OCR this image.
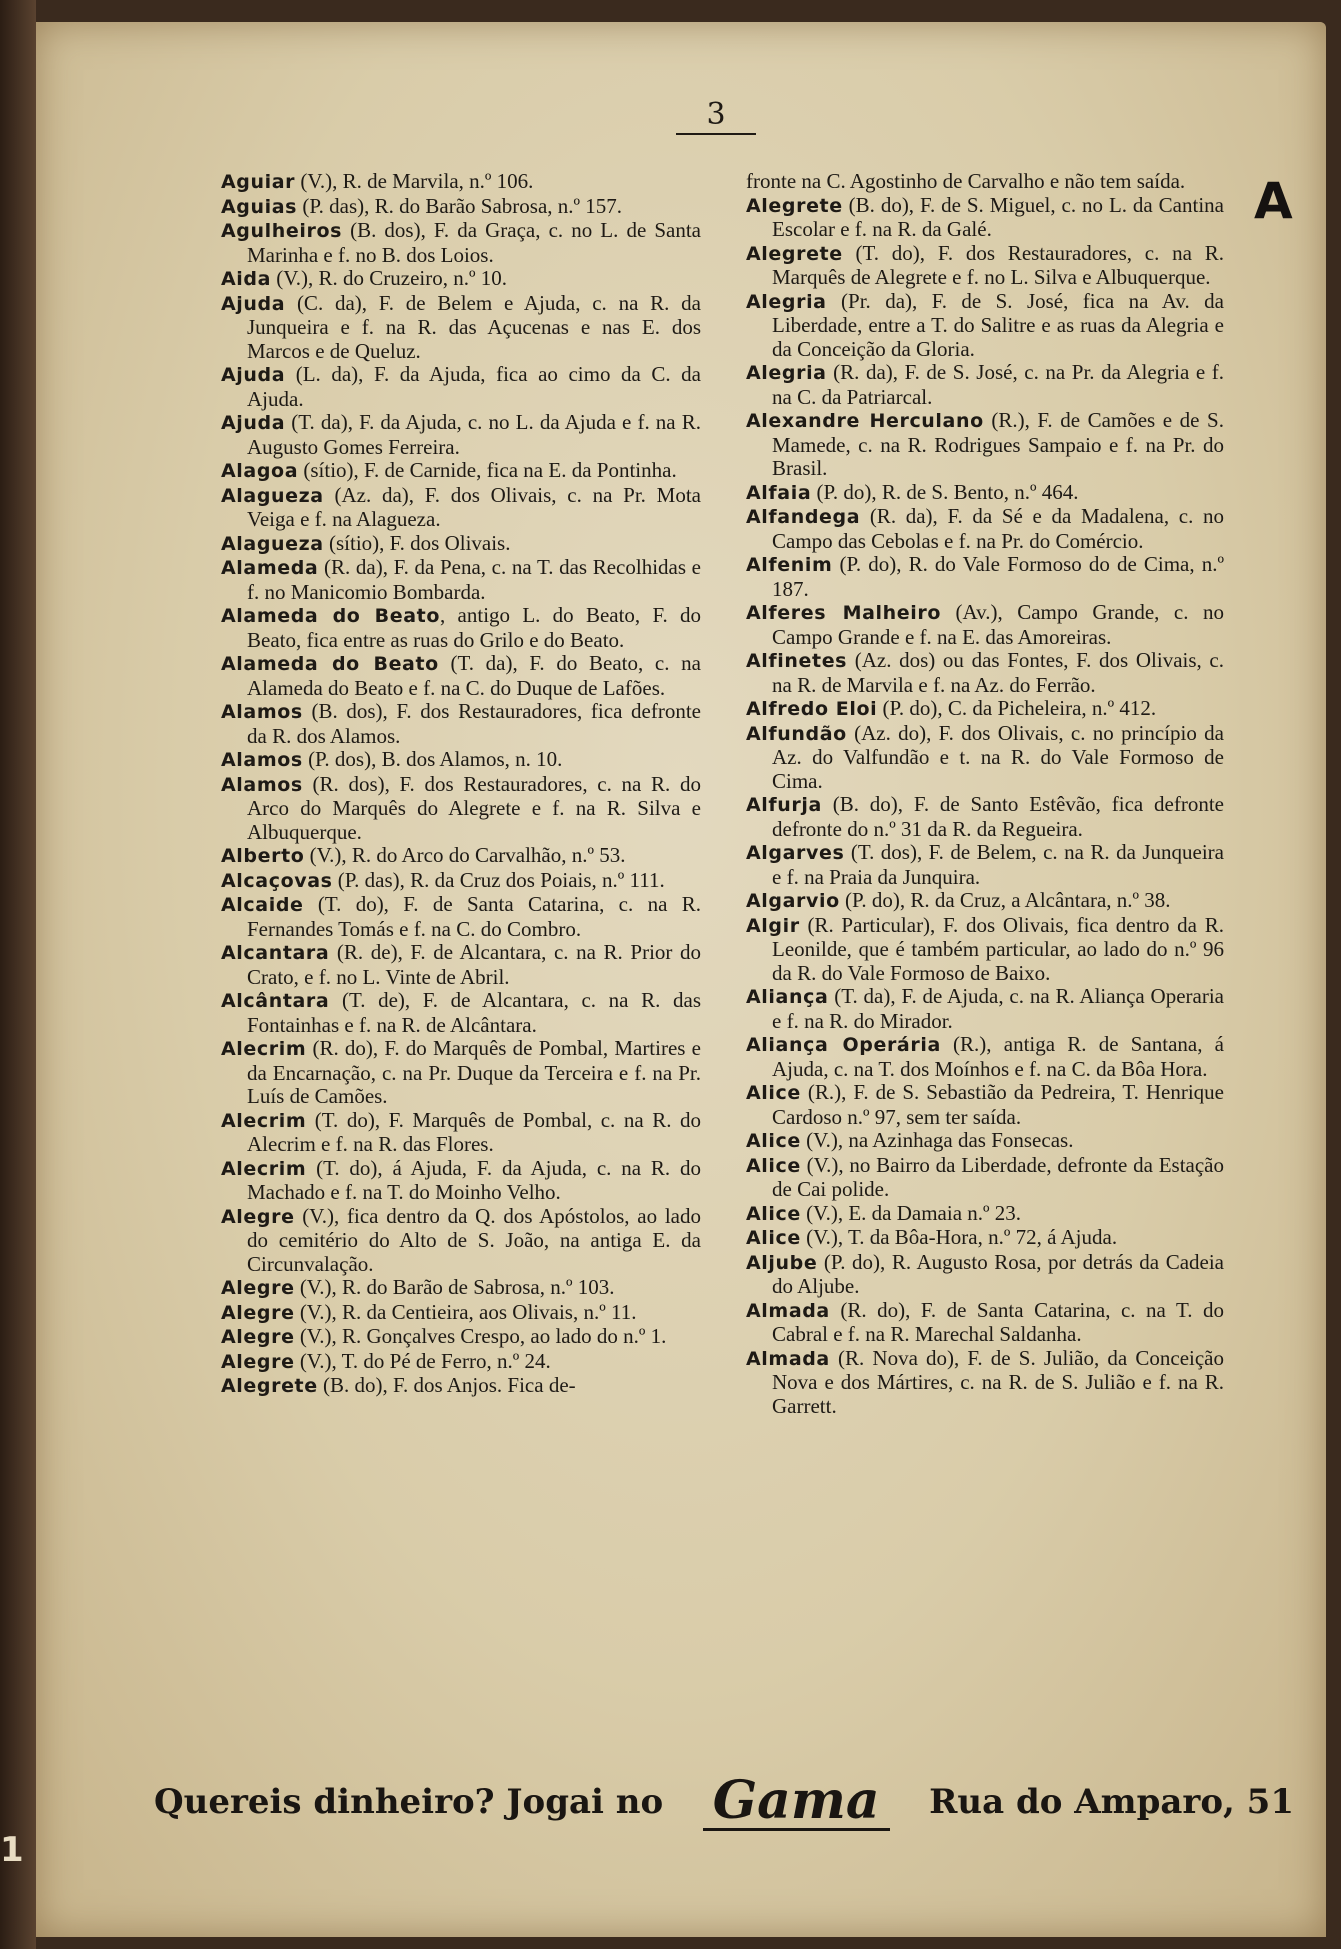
3
A

Aguiar (V.), R. de Marvila, n.º 106.

Aguias (P. das), R. do Barão Sabrosa, n.º 157.

Agulheiros (B. dos), F. da Graça, c. no L. de Santa Marinha e f. no B. dos Loios.

Aida (V.), R. do Cruzeiro, n.º 10.

Ajuda (C. da), F. de Belem e Ajuda, c. na R. da Junqueira e f. na R. das Açucenas e nas E. dos Marcos e de Queluz.

Ajuda (L. da), F. da Ajuda, fica ao cimo da C. da Ajuda.

Ajuda (T. da), F. da Ajuda, c. no L. da Ajuda e f. na R. Augusto Gomes Ferreira.

Alagoa (sítio), F. de Carnide, fica na E. da Pontinha.

Alagueza (Az. da), F. dos Olivais, c. na Pr. Mota Veiga e f. na Alagueza.

Alagueza (sítio), F. dos Olivais.

Alameda (R. da), F. da Pena, c. na T. das Recolhidas e f. no Manicomio Bombarda.

Alameda do Beato, antigo L. do Beato, F. do Beato, fica entre as ruas do Grilo e do Beato.

Alameda do Beato (T. da), F. do Beato, c. na Alameda do Beato e f. na C. do Duque de Lafões.

Alamos (B. dos), F. dos Restauradores, fica defronte da R. dos Alamos.

Alamos (P. dos), B. dos Alamos, n. 10.

Alamos (R. dos), F. dos Restauradores, c. na R. do Arco do Marquês do Alegrete e f. na R. Silva e Albuquerque.

Alberto (V.), R. do Arco do Carvalhão, n.º 53.

Alcaçovas (P. das), R. da Cruz dos Poiais, n.º 111.

Alcaide (T. do), F. de Santa Catarina, c. na R. Fernandes Tomás e f. na C. do Combro.

Alcantara (R. de), F. de Alcantara, c. na R. Prior do Crato, e f. no L. Vinte de Abril.

Alcântara (T. de), F. de Alcantara, c. na R. das Fontainhas e f. na R. de Alcântara.

Alecrim (R. do), F. do Marquês de Pombal, Martires e da Encarnação, c. na Pr. Duque da Terceira e f. na Pr. Luís de Camões.

Alecrim (T. do), F. Marquês de Pombal, c. na R. do Alecrim e f. na R. das Flores.

Alecrim (T. do), á Ajuda, F. da Ajuda, c. na R. do Machado e f. na T. do Moinho Velho.

Alegre (V.), fica dentro da Q. dos Apóstolos, ao lado do cemitério do Alto de S. João, na antiga E. da Circunvalação.

Alegre (V.), R. do Barão de Sabrosa, n.º 103.

Alegre (V.), R. da Centieira, aos Olivais, n.º 11.

Alegre (V.), R. Gonçalves Crespo, ao lado do n.º 1.

Alegre (V.), T. do Pé de Ferro, n.º 24.

Alegrete (B. do), F. dos Anjos. Fica de-

fronte na C. Agostinho de Carvalho e não tem saída.

Alegrete (B. do), F. de S. Miguel, c. no L. da Cantina Escolar e f. na R. da Galé.

Alegrete (T. do), F. dos Restauradores, c. na R. Marquês de Alegrete e f. no L. Silva e Albuquerque.

Alegria (Pr. da), F. de S. José, fica na Av. da Liberdade, entre a T. do Salitre e as ruas da Alegria e da Conceição da Gloria.

Alegria (R. da), F. de S. José, c. na Pr. da Alegria e f. na C. da Patriarcal.

Alexandre Herculano (R.), F. de Camões e de S. Mamede, c. na R. Rodrigues Sampaio e f. na Pr. do Brasil.

Alfaia (P. do), R. de S. Bento, n.º 464.

Alfandega (R. da), F. da Sé e da Madalena, c. no Campo das Cebolas e f. na Pr. do Comércio.

Alfenim (P. do), R. do Vale Formoso do de Cima, n.º 187.

Alferes Malheiro (Av.), Campo Grande, c. no Campo Grande e f. na E. das Amoreiras.

Alfinetes (Az. dos) ou das Fontes, F. dos Olivais, c. na R. de Marvila e f. na Az. do Ferrão.

Alfredo Eloi (P. do), C. da Picheleira, n.º 412.

Alfundão (Az. do), F. dos Olivais, c. no princípio da Az. do Valfundão e t. na R. do Vale Formoso de Cima.

Alfurja (B. do), F. de Santo Estêvão, fica defronte defronte do n.º 31 da R. da Regueira.

Algarves (T. dos), F. de Belem, c. na R. da Junqueira e f. na Praia da Junquira.

Algarvio (P. do), R. da Cruz, a Alcântara, n.º 38.

Algir (R. Particular), F. dos Olivais, fica dentro da R. Leonilde, que é também particular, ao lado do n.º 96 da R. do Vale Formoso de Baixo.

Aliança (T. da), F. de Ajuda, c. na R. Aliança Operaria e f. na R. do Mirador.

Aliança Operária (R.), antiga R. de Santana, á Ajuda, c. na T. dos Moínhos e f. na C. da Bôa Hora.

Alice (R.), F. de S. Sebastião da Pedreira, T. Henrique Cardoso n.º 97, sem ter saída.

Alice (V.), na Azinhaga das Fonsecas.

Alice (V.), no Bairro da Liberdade, defronte da Estação de Cai polide.

Alice (V.), E. da Damaia n.º 23.

Alice (V.), T. da Bôa-Hora, n.º 72, á Ajuda.

Aljube (P. do), R. Augusto Rosa, por detrás da Cadeia do Aljube.

Almada (R. do), F. de Santa Catarina, c. na T. do Cabral e f. na R. Marechal Saldanha.

Almada (R. Nova do), F. de S. Julião, da Conceição Nova e dos Mártires, c. na R. de S. Julião e f. na R. Garrett.

Quereis dinheiro? Jogai no Gama Rua do Amparo, 51
1
